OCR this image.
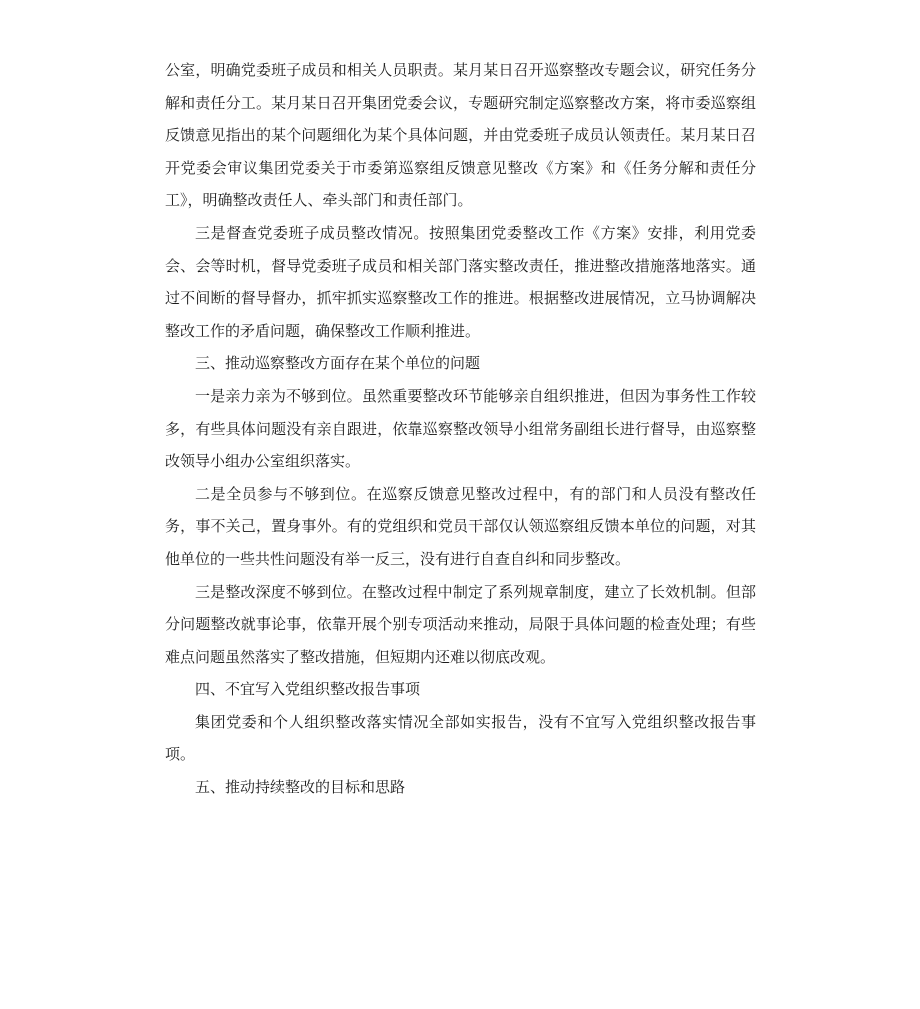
公室，明确党委班子成员和相关人员职责。某月某日召开巡察整改专题会议，研究任务分解和责任分工。某月某日召开集团党委会议，专题研究制定巡察整改方案，将市委巡察组反馈意见指出的某个问题细化为某个具体问题，并由党委班子成员认领责任。某月某日召开党委会审议集团党委关于市委第巡察组反馈意见整改《方案》和《任务分解和责任分工》，明确整改责任人、牵头部门和责任部门。

三是督查党委班子成员整改情况。按照集团党委整改工作《方案》安排，利用党委会、会等时机，督导党委班子成员和相关部门落实整改责任，推进整改措施落地落实。通过不间断的督导督办，抓牢抓实巡察整改工作的推进。根据整改进展情况，立马协调解决整改工作的矛盾问题，确保整改工作顺利推进。

三、推动巡察整改方面存在某个单位的问题

一是亲力亲为不够到位。虽然重要整改环节能够亲自组织推进，但因为事务性工作较多，有些具体问题没有亲自跟进，依靠巡察整改领导小组常务副组长进行督导，由巡察整改领导小组办公室组织落实。

二是全员参与不够到位。在巡察反馈意见整改过程中，有的部门和人员没有整改任务，事不关己，置身事外。有的党组织和党员干部仅认领巡察组反馈本单位的问题，对其他单位的一些共性问题没有举一反三，没有进行自查自纠和同步整改。

三是整改深度不够到位。在整改过程中制定了系列规章制度，建立了长效机制。但部分问题整改就事论事，依靠开展个别专项活动来推动，局限于具体问题的检查处理；有些难点问题虽然落实了整改措施，但短期内还难以彻底改观。

四、不宜写入党组织整改报告事项

集团党委和个人组织整改落实情况全部如实报告，没有不宜写入党组织整改报告事项。

五、推动持续整改的目标和思路
